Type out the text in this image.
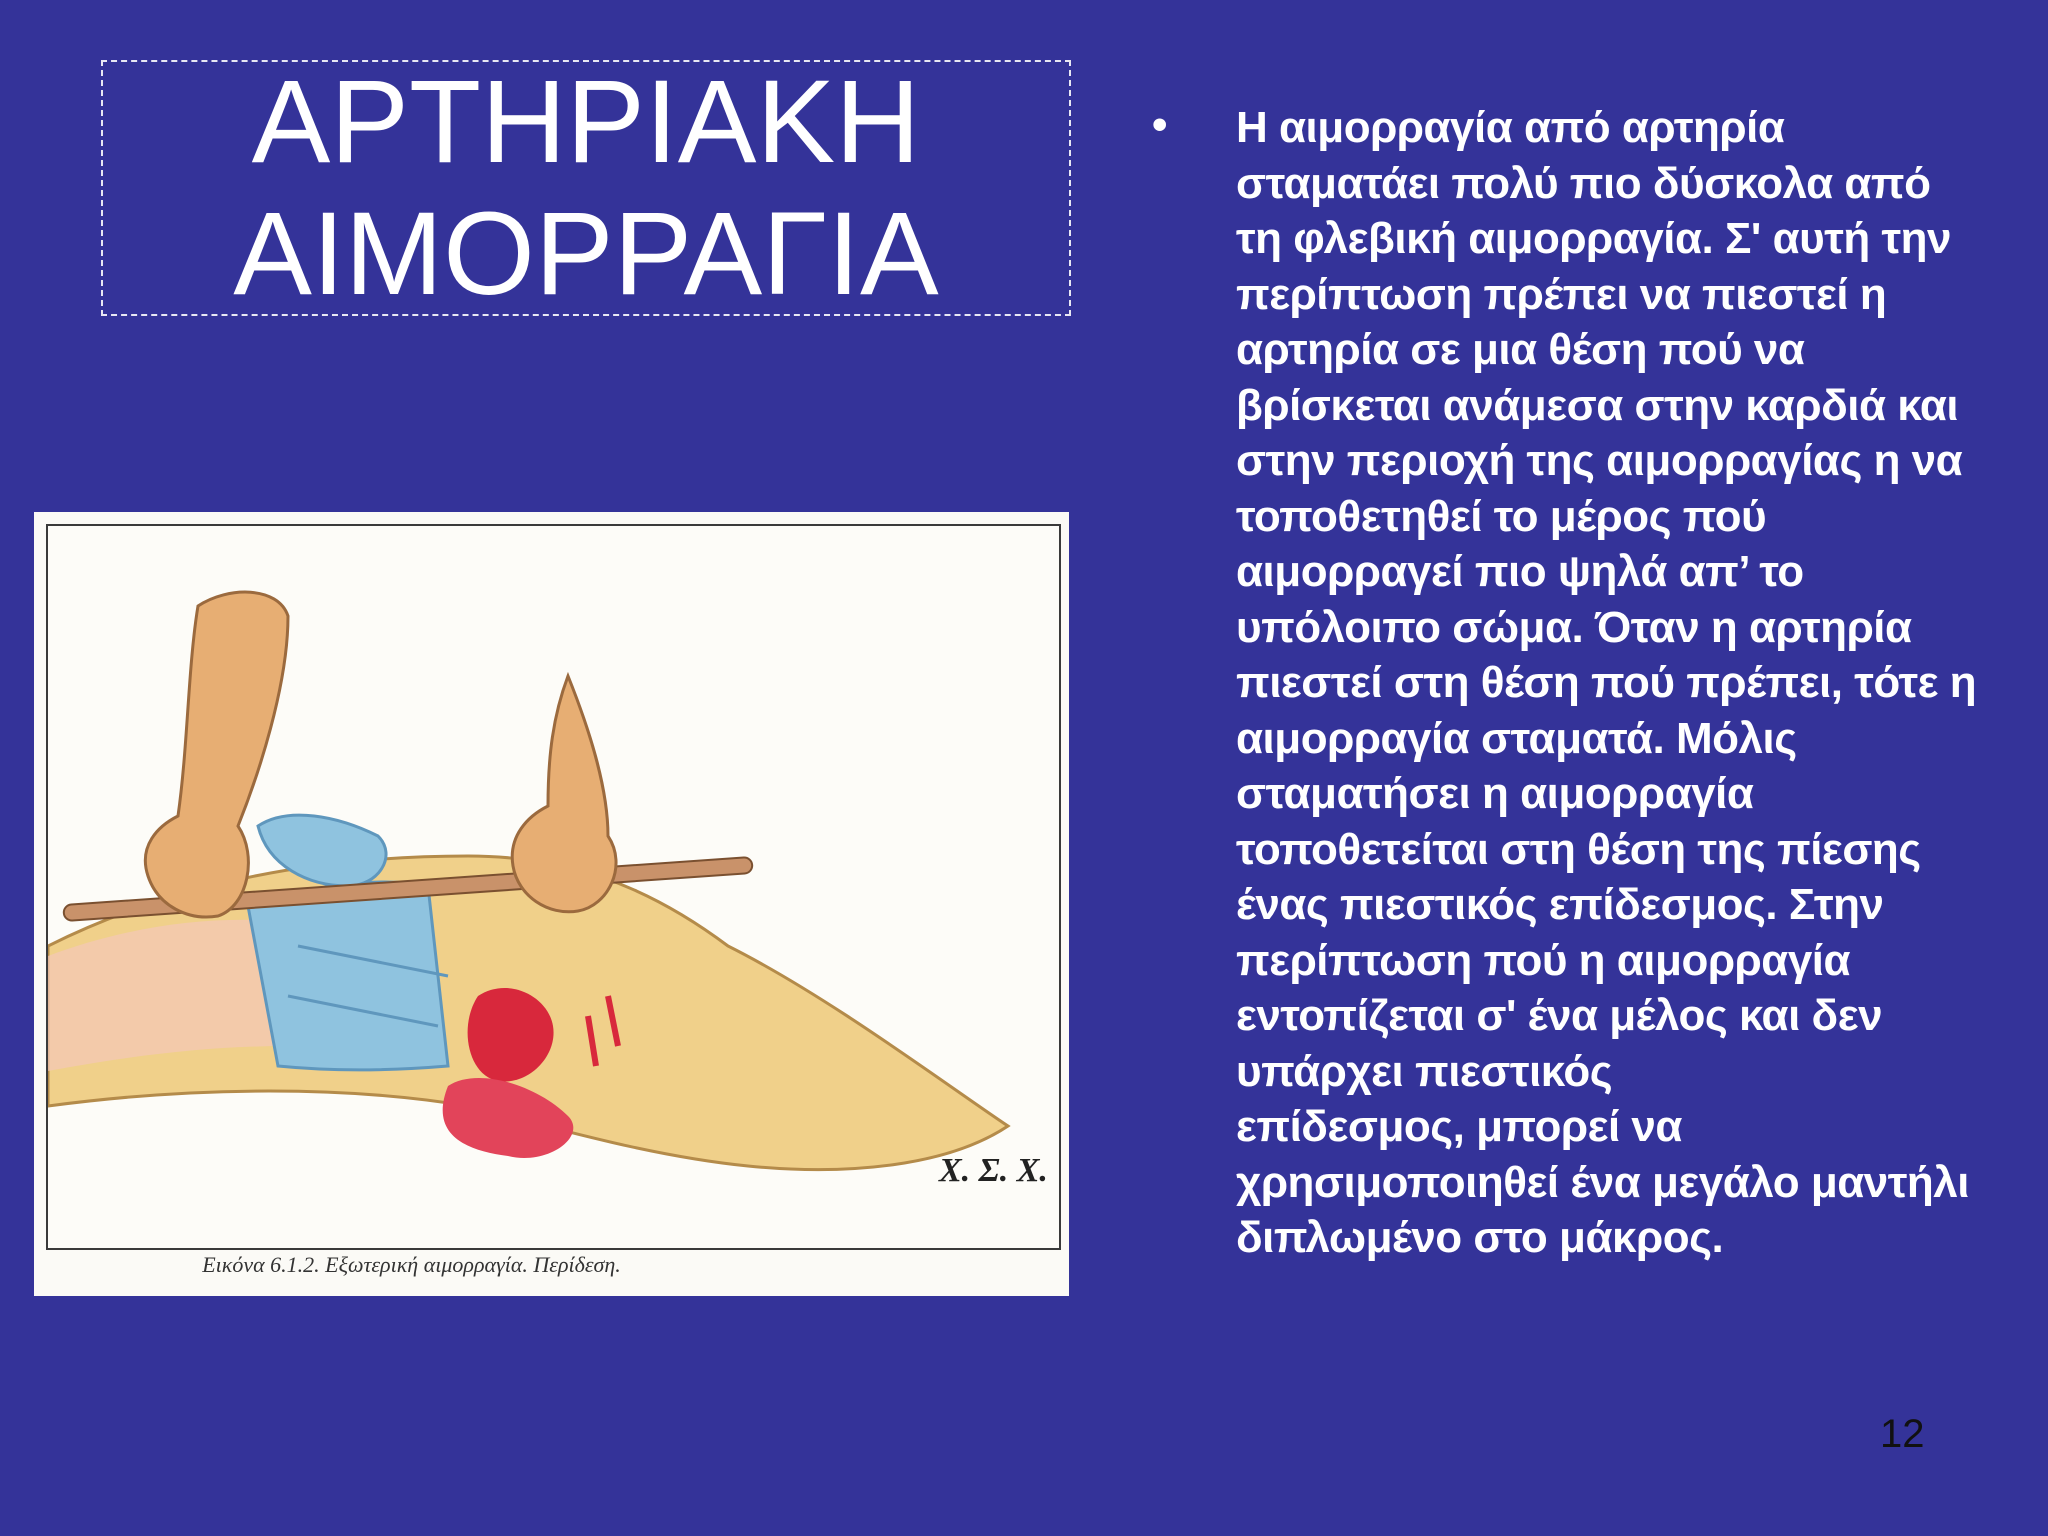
ΑΡΤΗΡΙΑΚΗ
ΑΙΜΟΡΡΑΓΙΑ
Χ. Σ. Χ.
Εικόνα 6.1.2. Εξωτερική αιμορραγία. Περίδεση.
• Η αιμορραγία από αρτηρία
σταματάει πολύ πιο δύσκολα από
τη φλεβική αιμορραγία. Σ' αυτή την
περίπτωση πρέπει να πιεστεί η
αρτηρία σε μια θέση πού να
βρίσκεται ανάμεσα στην καρδιά και
στην περιοχή της αιμορραγίας η να
τοποθετηθεί το μέρος πού
αιμορραγεί πιο ψηλά απ’ το
υπόλοιπο σώμα. Όταν η αρτηρία
πιεστεί στη θέση πού πρέπει, τότε η
αιμορραγία σταματά. Μόλις
σταματήσει η αιμορραγία
τοποθετείται στη θέση της πίεσης
ένας πιεστικός επίδεσμος. Στην
περίπτωση πού η αιμορραγία
εντοπίζεται σ' ένα μέλος και δεν
υπάρχει πιεστικός
επίδεσμος, μπορεί να
χρησιμοποιηθεί ένα μεγάλο μαντήλι
διπλωμένο στο μάκρος.
12
